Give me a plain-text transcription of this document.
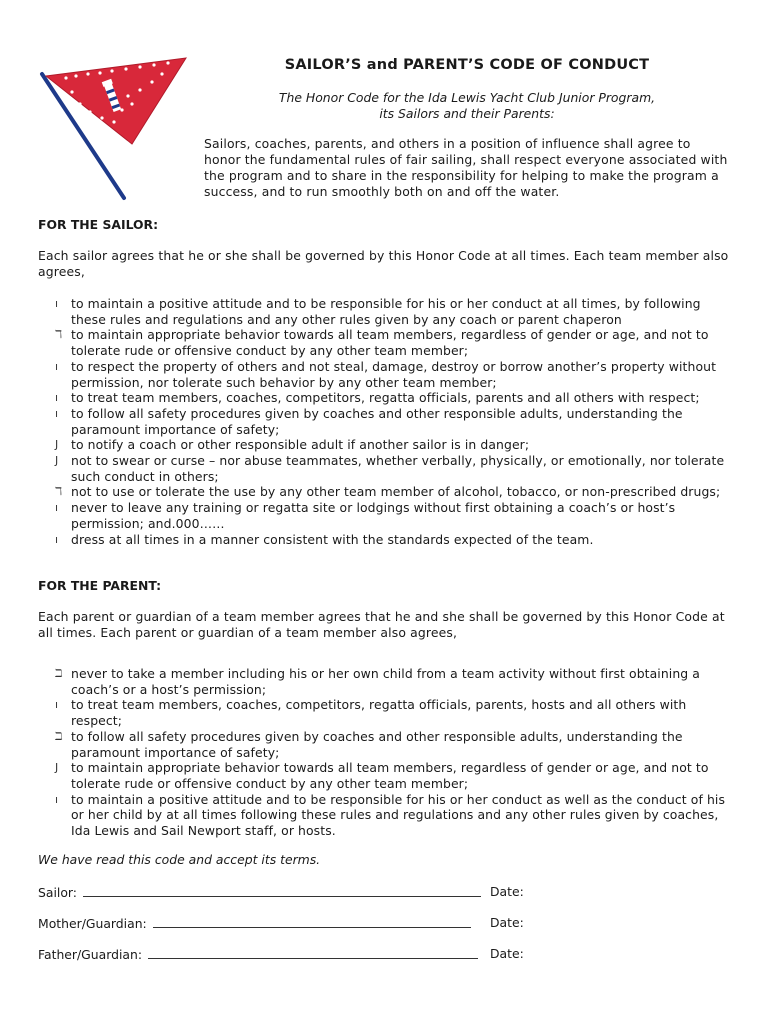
SAILOR’S and PARENT’S CODE OF CONDUCT
The Honor Code for the Ida Lewis Yacht Club Junior Program,
its Sailors and their Parents:
Sailors, coaches, parents, and others in a position of influence shall agree to honor the fundamental rules of fair sailing, shall respect everyone associated with the program and to share in the responsibility for helping to make the program a success, and to run smoothly both on and off the water.
FOR THE SAILOR:
Each sailor agrees that he or she shall be governed by this Honor Code at all times. Each team member also agrees,
ı	to maintain a positive attitude and to be responsible for his or her conduct at all times, by following these rules and regulations and any other rules given by any coach or parent chaperon
ℸ to maintain appropriate behavior towards all team members, regardless of gender or age, and not to tolerate rude or offensive conduct by any other team member;
ı	to respect the property of others and not steal, damage, destroy or borrow another’s property without permission, nor tolerate such behavior by any other team member;
ı	to treat team members, coaches, competitors, regatta officials, parents and all others with respect;
ı	to follow all safety procedures given by coaches and other responsible adults, understanding the paramount importance of safety;
J	to notify a coach or other responsible adult if another sailor is in danger;
J	not to swear or curse – nor abuse teammates, whether verbally, physically, or emotionally, nor tolerate such conduct in others;
ℸ not to use or tolerate the use by any other team member of alcohol, tobacco, or non-prescribed drugs;
ı	never to leave any training or regatta site or lodgings without first obtaining a coach’s or host’s permission; and.000……
ı	dress at all times in a manner consistent with the standards expected of the team.
FOR THE PARENT:
Each parent or guardian of a team member agrees that he and she shall be governed by this Honor Code at all times. Each parent or guardian of a team member also agrees,
ℶ never to take a member including his or her own child from a team activity without first obtaining a coach’s or a host’s permission;
ı	to treat team members, coaches, competitors, regatta officials, parents, hosts and all others with respect;
ℶ to follow all safety procedures given by coaches and other responsible adults, understanding the paramount importance of safety;
J	to maintain appropriate behavior towards all team members, regardless of gender or age, and not to tolerate rude or offensive conduct by any other team member;
ı	to maintain a positive attitude and to be responsible for his or her conduct as well as the conduct of his or her child by at all times following these rules and regulations and any other rules given by coaches, Ida Lewis and Sail Newport staff, or hosts.
We have read this code and accept its terms.
Sailor:	Date:
Mother/Guardian:	Date:
Father/Guardian:	Date:
